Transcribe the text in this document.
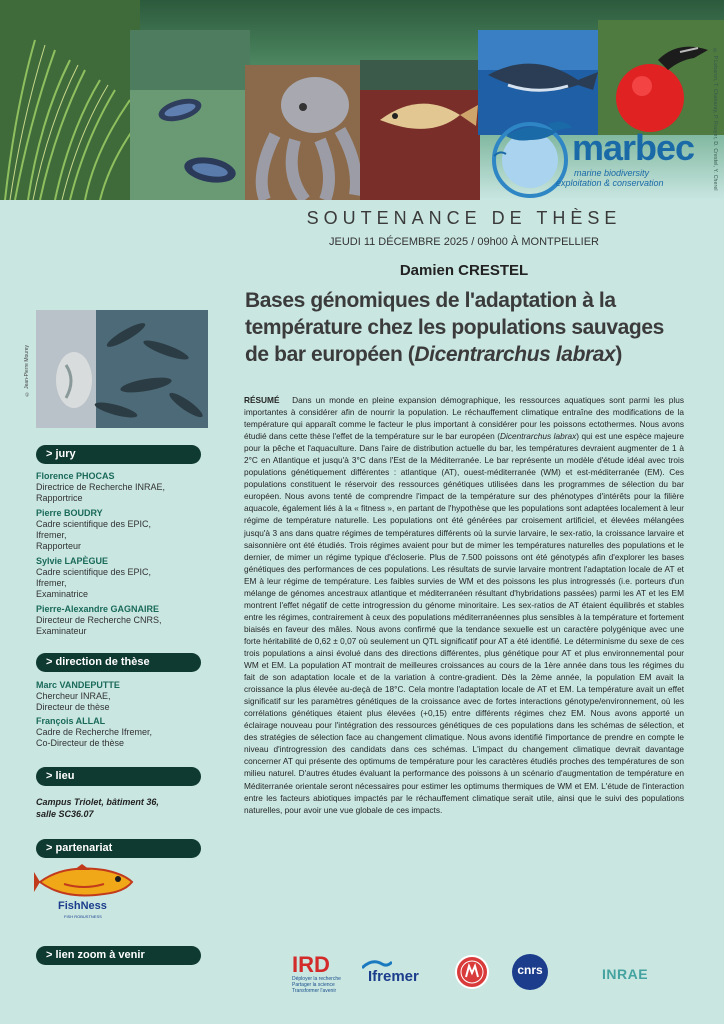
© P.Lebaron, T. Chanaray, P. Rouyer, D. Crestel, Y. Cherel
marbec
marine biodiversity
exploitation & conservation
SOUTENANCE DE THÈSE
JEUDI 11 DÉCEMBRE 2025 / 09h00 À MONTPELLIER
Damien CRESTEL
Bases génomiques de l'adaptation à la température chez les populations sauvages de bar européen (Dicentrarchus labrax)
RÉSUMÉ Dans un monde en pleine expansion démographique, les ressources aquatiques sont parmi les plus importantes à considérer afin de nourrir la population. Le réchauffement climatique entraîne des modifications de la température qui apparaît comme le facteur le plus important à considérer pour les poissons ectothermes. Nous avons étudié dans cette thèse l'effet de la température sur le bar européen (Dicentrarchus labrax) qui est une espèce majeure pour la pêche et l'aquaculture. Dans l'aire de distribution actuelle du bar, les températures devraient augmenter de 1 à 2°C en Atlantique et jusqu'à 3°C dans l'Est de la Méditerranée. Le bar représente un modèle d'étude idéal avec trois populations génétiquement différentes : atlantique (AT), ouest-méditerranée (WM) et est-méditerranée (EM). Ces populations constituent le réservoir des ressources génétiques utilisées dans les programmes de sélection du bar européen. Nous avons tenté de comprendre l'impact de la température sur des phénotypes d'intérêts pour la filière aquacole, également liés à la « fitness », en partant de l'hypothèse que les populations sont adaptées localement à leur régime de température naturelle. Les populations ont été générées par croisement artificiel, et élevées mélangées jusqu'à 3 ans dans quatre régimes de températures différents où la survie larvaire, le sex-ratio, la croissance larvaire et saisonnière ont été étudiés. Trois régimes avaient pour but de mimer les températures naturelles des populations et le dernier, de mimer un régime typique d'écloserie. Plus de 7.500 poissons ont été génotypés afin d'explorer les bases génétiques des performances de ces populations. Les résultats de survie larvaire montrent l'adaptation locale de AT et EM à leur régime de température. Les faibles survies de WM et des poissons les plus introgressés (i.e. porteurs d'un mélange de génomes ancestraux atlantique et méditerranéen résultant d'hybridations passées) parmi les AT et les EM montrent l'effet négatif de cette introgression du génome minoritaire. Les sex-ratios de AT étaient équilibrés et stables entre les régimes, contrairement à ceux des populations méditerranéennes plus sensibles à la température et fortement biaisés en faveur des mâles. Nous avons confirmé que la tendance sexuelle est un caractère polygénique avec une forte héritabilité de 0,62 ± 0,07 où seulement un QTL significatif pour AT a été identifié. Le déterminisme du sexe de ces trois populations a ainsi évolué dans des directions différentes, plus génétique pour AT et plus environnemental pour WM et EM. La population AT montrait de meilleures croissances au cours de la 1ère année dans tous les régimes du fait de son adaptation locale et de la variation à contre-gradient. Dès la 2ème année, la population EM avait la croissance la plus élevée au-deçà de 18°C. Cela montre l'adaptation locale de AT et EM. La température avait un effet significatif sur les paramètres génétiques de la croissance avec de fortes interactions génotype/environnement, où les corrélations génétiques étaient plus élevées (+0,15) entre différents régimes chez EM. Nous avons apporté un éclairage nouveau pour l'intégration des ressources génétiques de ces populations dans les schémas de sélection, et des stratégies de sélection face au changement climatique. Nous avons identifié l'importance de prendre en compte le niveau d'introgression des candidats dans ces schémas. L'impact du changement climatique devrait davantage concerner AT qui présente des optimums de température pour les caractères étudiés proches des températures de son milieu naturel. D'autres études évaluant la performance des poissons à un scénario d'augmentation de température en Méditerranée orientale seront nécessaires pour estimer les optimums thermiques de WM et EM. L'étude de l'interaction entre les facteurs abiotiques impactés par le réchauffement climatique serait utile, ainsi que le suivi des populations naturelles, pour avoir une vue globale de ces impacts.
© Jean-Pierre Mourey
> jury
Florence PHOCAS
Directrice de Recherche INRAE,
Rapportrice
Pierre BOUDRY
Cadre scientifique des EPIC,
Ifremer,
Rapporteur
Sylvie LAPÈGUE
Cadre scientifique des EPIC,
Ifremer,
Examinatrice
Pierre-Alexandre GAGNAIRE
Directeur de Recherche CNRS,
Examinateur
> direction de thèse
Marc VANDEPUTTE
Chercheur INRAE,
Directeur de thèse
François ALLAL
Cadre de Recherche Ifremer,
Co-Directeur de thèse
> lieu
Campus Triolet, bâtiment 36,
salle SC36.07
> partenariat
FishNess
FISH ROBUSTNESS
> lien zoom à venir	IRD
Déployer la recherche
Partager la science
Transformer l'avenir
Ifremer	cnrs	INRAE
